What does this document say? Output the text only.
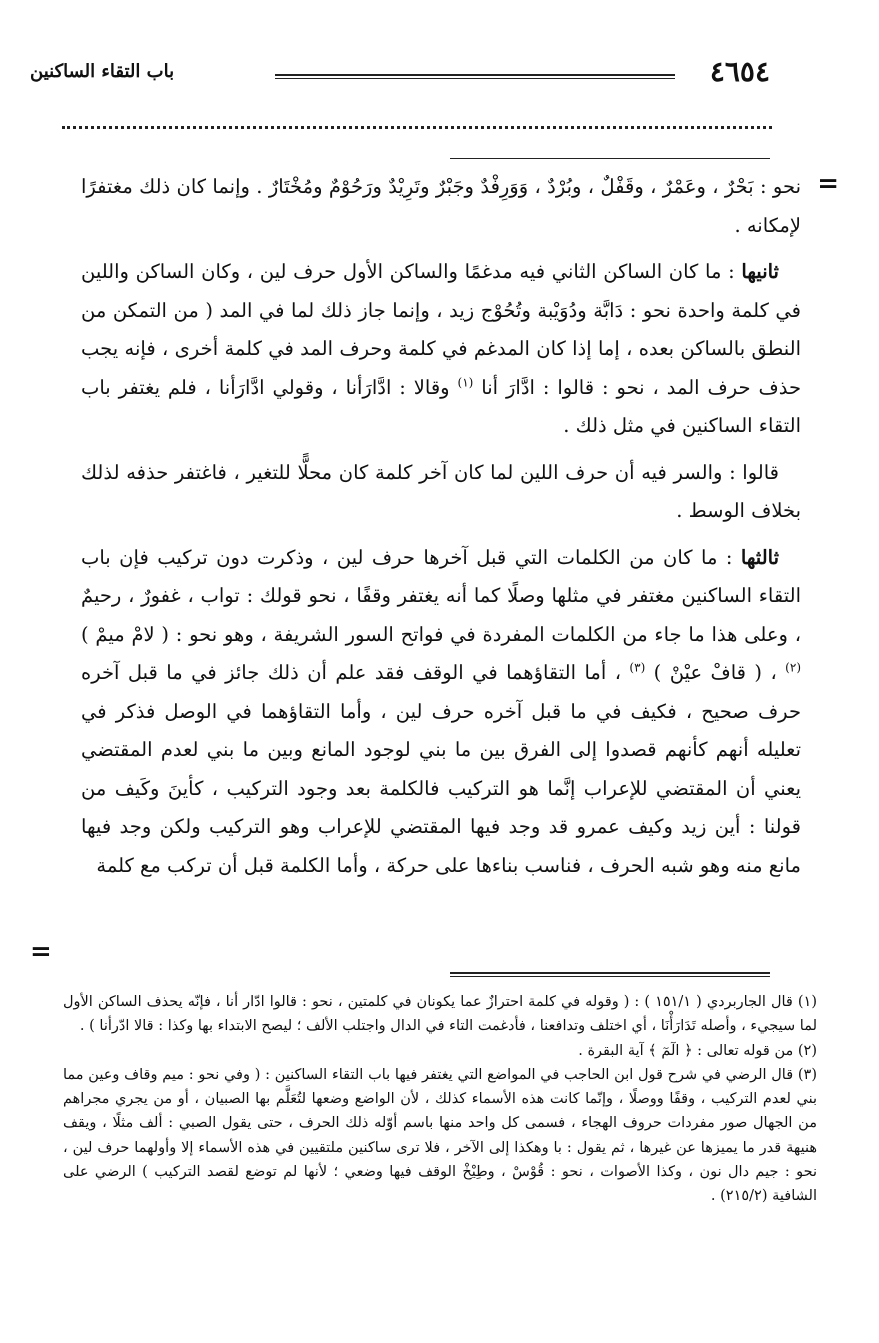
٤٦٥٤
باب التقاء الساكنين
=

نحو : بَحْرٌ ، وعَمْرٌ ، وقَفْلٌ ، وبُرْدٌ ، وَوَرِفْدٌ وجَبْرٌ وتَرِيْدٌ ورَحُوْمٌ ومُخْتَارٌ . وإنما كان ذلك مغتفرًا لإمكانه .

ثانيها : ما كان الساكن الثاني فيه مدغمًا والساكن الأول حرف لين ، وكان الساكن واللين في كلمة واحدة نحو : دَابَّة ودُوَيْبة وتُحُوْج زيد ، وإنما جاز ذلك لما في المد ( من التمكن من النطق بالساكن بعده ، إما إذا كان المدغم في كلمة وحرف المد في كلمة أخرى ، فإنه يجب حذف حرف المد ، نحو : قالوا : ادَّارَ أنا $^{(١)}$ وقالا : ادَّارَأنا ، وقولي ادَّارَأنا ، فلم يغتفر باب التقاء الساكنين في مثل ذلك .

قالوا : والسر فيه أن حرف اللين لما كان آخر كلمة كان محلًّا للتغير ، فاغتفر حذفه لذلك بخلاف الوسط .

ثالثها : ما كان من الكلمات التي قبل آخرها حرف لين ، وذكرت دون تركيب فإن باب التقاء الساكنين مغتفر في مثلها وصلًا كما أنه يغتفر وقفًا ، نحو قولك : تواب ، غفورٌ ، رحيمٌ ، وعلى هذا ما جاء من الكلمات المفردة في فواتح السور الشريفة ، وهو نحو : ( لامْ ميمْ ) $^{(٢)}$ ، ( قافْ عيْنْ ) $^{(٣)}$ ، أما التقاؤهما في الوقف فقد علم أن ذلك جائز في ما قبل آخره حرف صحيح ، فكيف في ما قبل آخره حرف لين ، وأما التقاؤهما في الوصل فذكر في تعليله أنهم كأنهم قصدوا إلى الفرق بين ما بني لوجود المانع وبين ما بني لعدم المقتضي يعني أن المقتضي للإعراب إنَّما هو التركيب فالكلمة بعد وجود التركيب ، كأينَ وكَيف من قولنا : أين زيد وكيف عمرو قد وجد فيها المقتضي للإعراب وهو التركيب ولكن وجد فيها مانع منه وهو شبه الحرف ، فناسب بناءها على حركة ، وأما الكلمة قبل أن تركب مع كلمة

=

(١) قال الجاربردي ( ١٥١/١ ) : ( وقوله في كلمة احترازٌ عما يكونان في كلمتين ، نحو : قالوا ادّار أنا ، فإنّه يحذف الساكن الأول لما سيجيء ، وأصله تَدَارَأْنَا ، أي اختلف وتدافعنا ، فأدغمت التاء في الدال واجتلب الألف ؛ ليصح الابتداء بها وكذا : قالا ادّرأنا ) .

(٢) من قوله تعالى : ﴿ الٓمٓ ﴾ آية البقرة .

(٣) قال الرضي في شرح قول ابن الحاجب في المواضع التي يغتفر فيها باب التقاء الساكنين : ( وفي نحو : ميم وقاف وعين مما بني لعدم التركيب ، وقفًا ووصلًا ، وإنّما كانت هذه الأسماء كذلك ، لأن الواضع وضعها لتُعَلَّم بها الصبيان ، أو من يجري مجراهم من الجهال صور مفردات حروف الهجاء ، فسمى كل واحد منها باسم أوّله ذلك الحرف ، حتى يقول الصبي : ألف مثلًا ، ويقف هنيهة قدر ما يميزها عن غيرها ، ثم يقول : با وهكذا إلى الآخر ، فلا ترى ساكنين ملتقيين في هذه الأسماء إلا وأولهما حرف لين ، نحو : جيم دال نون ، وكذا الأصوات ، نحو : قُوْسْ ، وطِيْخْ الوقف فيها وضعي ؛ لأنها لم توضع لقصد التركيب ) الرضي على الشافية (٢١٥/٢) .
